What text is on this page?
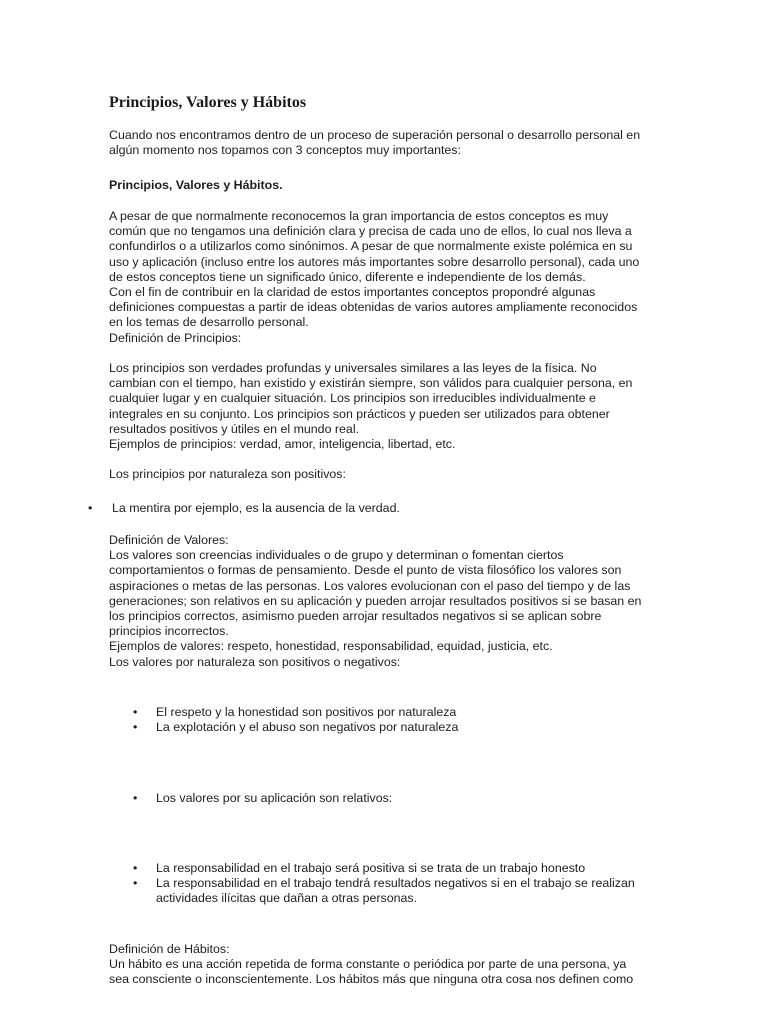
Principios, Valores y Hábitos

Cuando nos encontramos dentro de un proceso de superación personal o desarrollo personal en algún momento nos topamos con 3 conceptos muy importantes:

Principios, Valores y Hábitos.

A pesar de que normalmente reconocemos la gran importancia de estos conceptos es muy

común que no tengamos una definición clara y precisa de cada uno de ellos, lo cual nos lleva a

confundirlos o a utilizarlos como sinónimos. A pesar de que normalmente existe polémica en su

uso y aplicación (incluso entre los autores más importantes sobre desarrollo personal), cada uno

de estos conceptos tiene un significado único, diferente e independiente de los demás.

Con el fin de contribuir en la claridad de estos importantes conceptos propondré algunas

definiciones compuestas a partir de ideas obtenidas de varios autores ampliamente reconocidos

en los temas de desarrollo personal.

Definición de Principios:

Los principios son verdades profundas y universales similares a las leyes de la física. No

cambian con el tiempo, han existido y existirán siempre, son válidos para cualquier persona, en

cualquier lugar y en cualquier situación. Los principios son irreducibles individualmente e

integrales en su conjunto. Los principios son prácticos y pueden ser utilizados para obtener

resultados positivos y útiles en el mundo real.

Ejemplos de principios: verdad, amor, inteligencia, libertad, etc.

Los principios por naturaleza son positivos:
• La mentira por ejemplo, es la ausencia de la verdad.

Definición de Valores:

Los valores son creencias individuales o de grupo y determinan o fomentan ciertos

comportamientos o formas de pensamiento. Desde el punto de vista filosófico los valores son

aspiraciones o metas de las personas. Los valores evolucionan con el paso del tiempo y de las

generaciones; son relativos en su aplicación y pueden arrojar resultados positivos si se basan en

los principios correctos, asimismo pueden arrojar resultados negativos si se aplican sobre

principios incorrectos.

Ejemplos de valores: respeto, honestidad, responsabilidad, equidad, justicia, etc.

Los valores por naturaleza son positivos o negativos:

• El respeto y la honestidad son positivos por naturaleza
• La explotación y el abuso son negativos por naturaleza
• Los valores por su aplicación son relativos:
• La responsabilidad en el trabajo será positiva si se trata de un trabajo honesto
• La responsabilidad en el trabajo tendrá resultados negativos si en el trabajo se realizan actividades ilícitas que dañan a otras personas.

Definición de Hábitos:

Un hábito es una acción repetida de forma constante o periódica por parte de una persona, ya

sea consciente o inconscientemente. Los hábitos más que ninguna otra cosa nos definen como
